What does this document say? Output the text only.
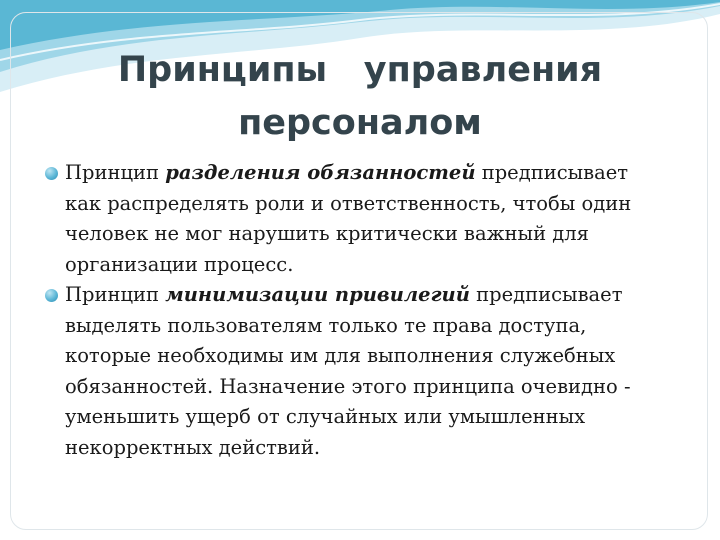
Принципы   управления
персоналом
Принцип разделения обязанностей предписывает
как распределять роли и ответственность, чтобы один
человек не мог нарушить критически важный для
организации процесс.
Принцип минимизации привилегий предписывает
выделять пользователям только те права доступа,
которые необходимы им для выполнения служебных
обязанностей. Назначение этого принципа очевидно -
уменьшить ущерб от случайных или умышленных
некорректных действий.
